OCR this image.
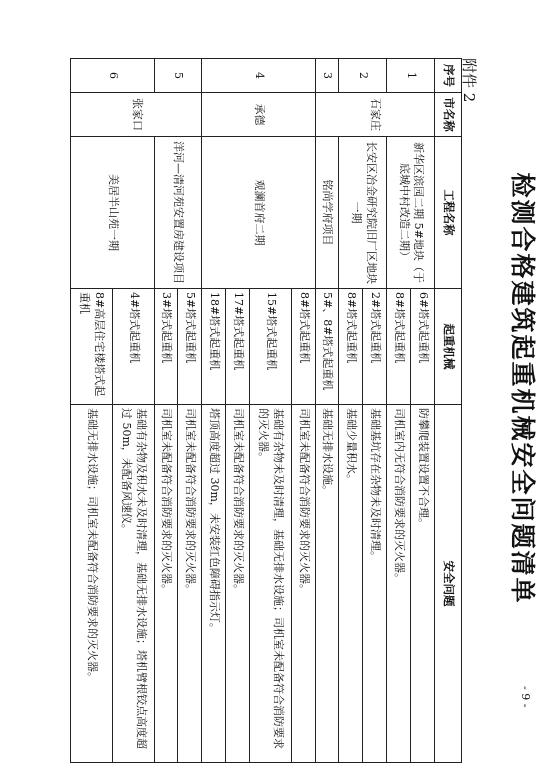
附件 2
检测合格建筑起重机械安全问题清单
- 9 -
序号	市名称	工程名称	起重机械	安全问题
1	石家庄	新华区滨园二期 5#地块（于底城中村改造二期）	6#塔式起重机	防攀爬装置设置不合理。
			8#塔式起重机	司机室内无符合消防要求的灭火器。
2		长安区冶金研究院旧厂区地块一期	2#塔式起重机	基础基坑存在杂物未及时清理。
			8#塔式起重机	基础少量积水。
3		铭尚学府项目	5#、8#塔式起重机	基础无排水设施。
4	承德	观澜首府二期	8#塔式起重机	司机室未配备符合消防要求的灭火器。
			15#塔式起重机	基础有杂物未及时清理，基础无排水设施；司机室未配备符合消防要求的灭火器。
			17#塔式起重机	司机室未配备符合消防要求的灭火器。
			18#塔式起重机	塔顶高度超过 30m，未安装红色障碍指示灯。
5	张家口	洋河—清河苑安置房建设项目	5#塔式起重机	司机室未配备符合消防要求的灭火器。
			3#塔式起重机	司机室未配备符合消防要求的灭火器。
6		美居半山苑一期	4#塔式起重机	基础有杂物及积水未及时清理，基础无排水设施；塔机臂根铰点高度超过 50m，未配备风速仪。
			8#高层住宅楼塔式起重机	基础无排水设施；司机室未配备符合消防要求的灭火器。
